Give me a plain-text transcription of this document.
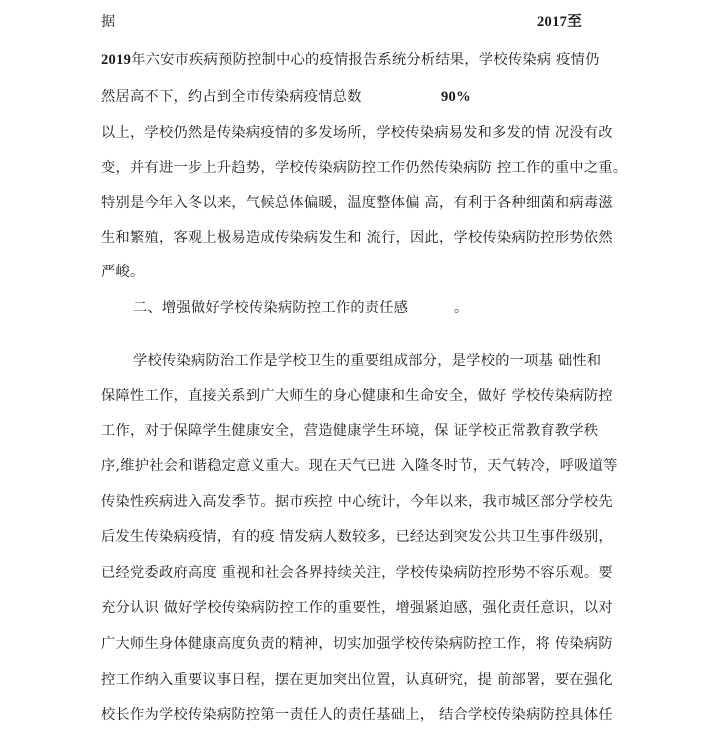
据	2017至
2019年六安市疾病预防控制中心的疫情报告系统分析结果，学校传染病 疫情仍
然居高不下，约占到全市传染病疫情总数	90%
以上，学校仍然是传染病疫情的多发场所，学校传染病易发和多发的情 况没有改
变，并有进一步上升趋势，学校传染病防控工作仍然传染病防 控工作的重中之重。
特别是今年入冬以来，气候总体偏暖，温度整体偏 高，有利于各种细菌和病毒滋
生和繁殖，客观上极易造成传染病发生和 流行，因此，学校传染病防控形势依然
严峻。
二、增强做好学校传染病防控工作的责任感	。
学校传染病防治工作是学校卫生的重要组成部分，是学校的一项基 础性和
保障性工作，直接关系到广大师生的身心健康和生命安全，做好 学校传染病防控
工作，对于保障学生健康安全，营造健康学生环境，保 证学校正常教育教学秩
序,维护社会和谐稳定意义重大。现在天气已进 入隆冬时节，天气转冷，呼吸道等
传染性疾病进入高发季节。据市疾控 中心统计，今年以来，我市城区部分学校先
后发生传染病疫情，有的疫 情发病人数较多，已经达到突发公共卫生事件级别，
已经党委政府高度 重视和社会各界持续关注，学校传染病防控形势不容乐观。要
充分认识 做好学校传染病防控工作的重要性，增强紧迫感，强化责任意识，以对
广大师生身体健康高度负责的精神，切实加强学校传染病防控工作，将 传染病防
控工作纳入重要议事日程，摆在更加突出位置，认真研究，提 前部署，要在强化
校长作为学校传染病防控第一责任人的责任基础上， 结合学校传染病防控具体任
